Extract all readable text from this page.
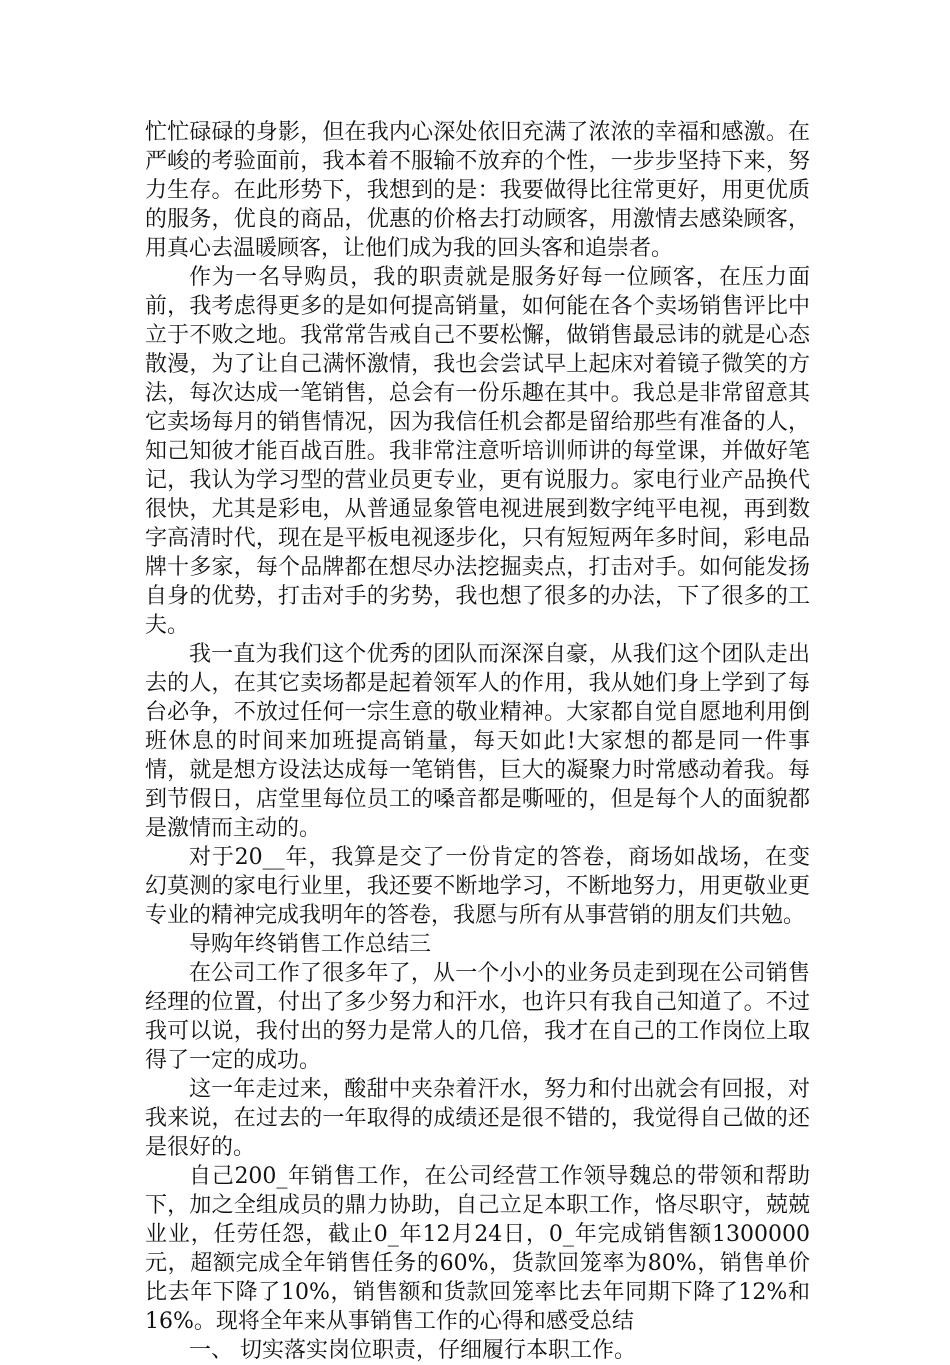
忙忙碌碌的身影，但在我内心深处依旧充满了浓浓的幸福和感激。在严峻的考验面前，我本着不服输不放弃的个性，一步步坚持下来，努力生存。在此形势下，我想到的是：我要做得比往常更好，用更优质的服务，优良的商品，优惠的价格去打动顾客，用激情去感染顾客，用真心去温暖顾客，让他们成为我的回头客和追崇者。

作为一名导购员，我的职责就是服务好每一位顾客，在压力面前，我考虑得更多的是如何提高销量，如何能在各个卖场销售评比中立于不败之地。我常常告戒自己不要松懈，做销售最忌讳的就是心态散漫，为了让自己满怀激情，我也会尝试早上起床对着镜子微笑的方法，每次达成一笔销售，总会有一份乐趣在其中。我总是非常留意其它卖场每月的销售情况，因为我信任机会都是留给那些有准备的人，知己知彼才能百战百胜。我非常注意听培训师讲的每堂课，并做好笔记，我认为学习型的营业员更专业，更有说服力。家电行业产品换代很快，尤其是彩电，从普通显象管电视进展到数字纯平电视，再到数字高清时代，现在是平板电视逐步化，只有短短两年多时间，彩电品牌十多家，每个品牌都在想尽办法挖掘卖点，打击对手。如何能发扬自身的优势，打击对手的劣势，我也想了很多的办法，下了很多的工夫。

我一直为我们这个优秀的团队而深深自豪，从我们这个团队走出去的人，在其它卖场都是起着领军人的作用，我从她们身上学到了每台必争，不放过任何一宗生意的敬业精神。大家都自觉自愿地利用倒班休息的时间来加班提高销量，每天如此!大家想的都是同一件事情，就是想方设法达成每一笔销售，巨大的凝聚力时常感动着我。每到节假日，店堂里每位员工的嗓音都是嘶哑的，但是每个人的面貌都是激情而主动的。

对于20__年，我算是交了一份肯定的答卷，商场如战场，在变幻莫测的家电行业里，我还要不断地学习，不断地努力，用更敬业更专业的精神完成我明年的答卷，我愿与所有从事营销的朋友们共勉。

导购年终销售工作总结三

在公司工作了很多年了，从一个小小的业务员走到现在公司销售经理的位置，付出了多少努力和汗水，也许只有我自己知道了。不过我可以说，我付出的努力是常人的几倍，我才在自己的工作岗位上取得了一定的成功。

这一年走过来，酸甜中夹杂着汗水，努力和付出就会有回报，对我来说，在过去的一年取得的成绩还是很不错的，我觉得自己做的还是很好的。

自己200_年销售工作，在公司经营工作领导魏总的带领和帮助下，加之全组成员的鼎力协助，自己立足本职工作，恪尽职守，兢兢业业，任劳任怨，截止0_年12月24日，0_年完成销售额1300000元，超额完成全年销售任务的60%，货款回笼率为80%，销售单价比去年下降了10%，销售额和货款回笼率比去年同期下降了12%和16%。现将全年来从事销售工作的心得和感受总结

一、 切实落实岗位职责，仔细履行本职工作。
